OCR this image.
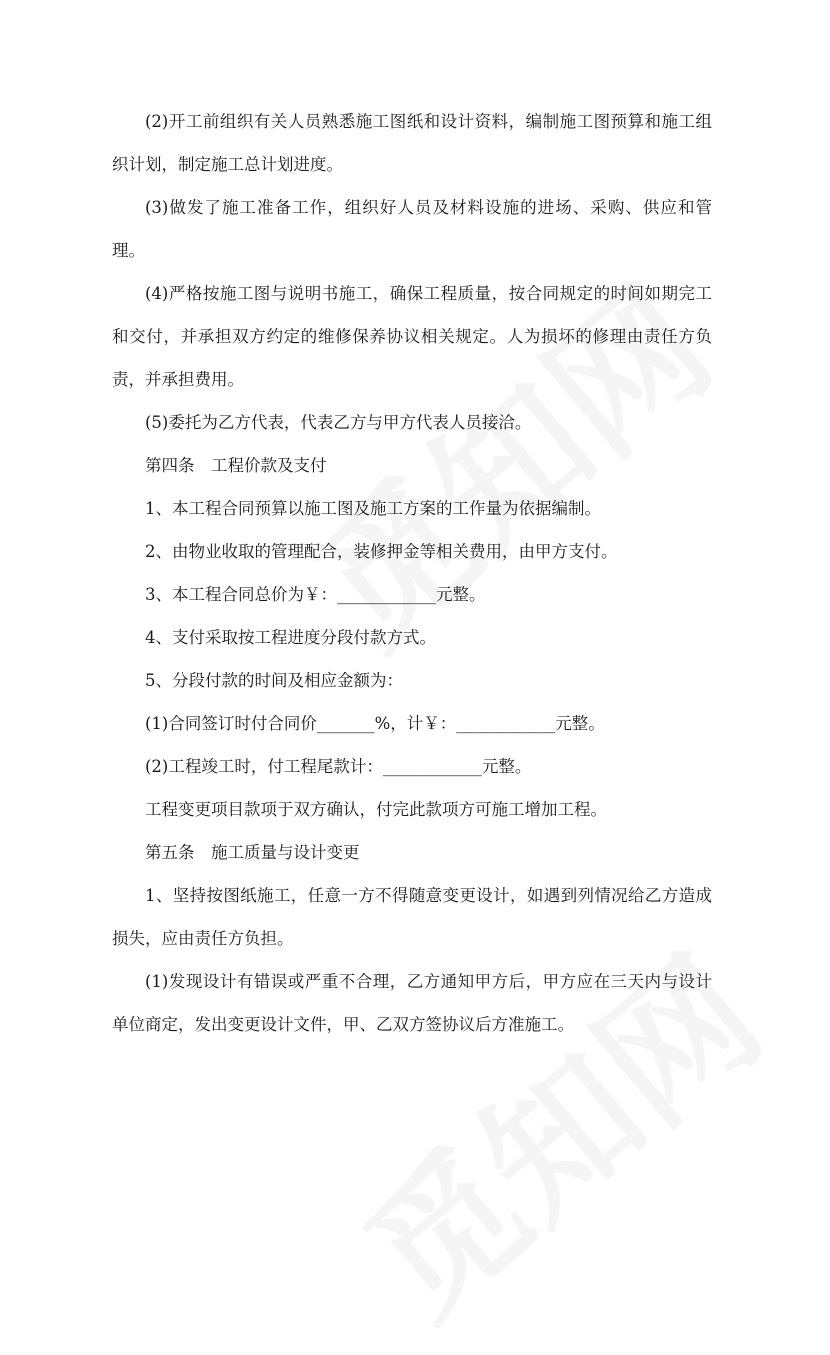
(2)开工前组织有关人员熟悉施工图纸和设计资料，编制施工图预算和施工组织计划，制定施工总计划进度。

(3)做发了施工准备工作，组织好人员及材料设施的进场、采购、供应和管理。

(4)严格按施工图与说明书施工，确保工程质量，按合同规定的时间如期完工和交付，并承担双方约定的维修保养协议相关规定。人为损坏的修理由责任方负责，并承担费用。

(5)委托为乙方代表，代表乙方与甲方代表人员接洽。

第四条　工程价款及支付

1、本工程合同预算以施工图及施工方案的工作量为依据编制。

2、由物业收取的管理配合，装修押金等相关费用，由甲方支付。

3、本工程合同总价为￥：____________元整。

4、支付采取按工程进度分段付款方式。

5、分段付款的时间及相应金额为：

(1)合同签订时付合同价_______%，计￥：____________元整。

(2)工程竣工时，付工程尾款计：____________元整。

工程变更项目款项于双方确认，付完此款项方可施工增加工程。

第五条　施工质量与设计变更

1、坚持按图纸施工，任意一方不得随意变更设计，如遇到列情况给乙方造成损失，应由责任方负担。

(1)发现设计有错误或严重不合理，乙方通知甲方后，甲方应在三天内与设计单位商定，发出变更设计文件，甲、乙双方签协议后方准施工。
